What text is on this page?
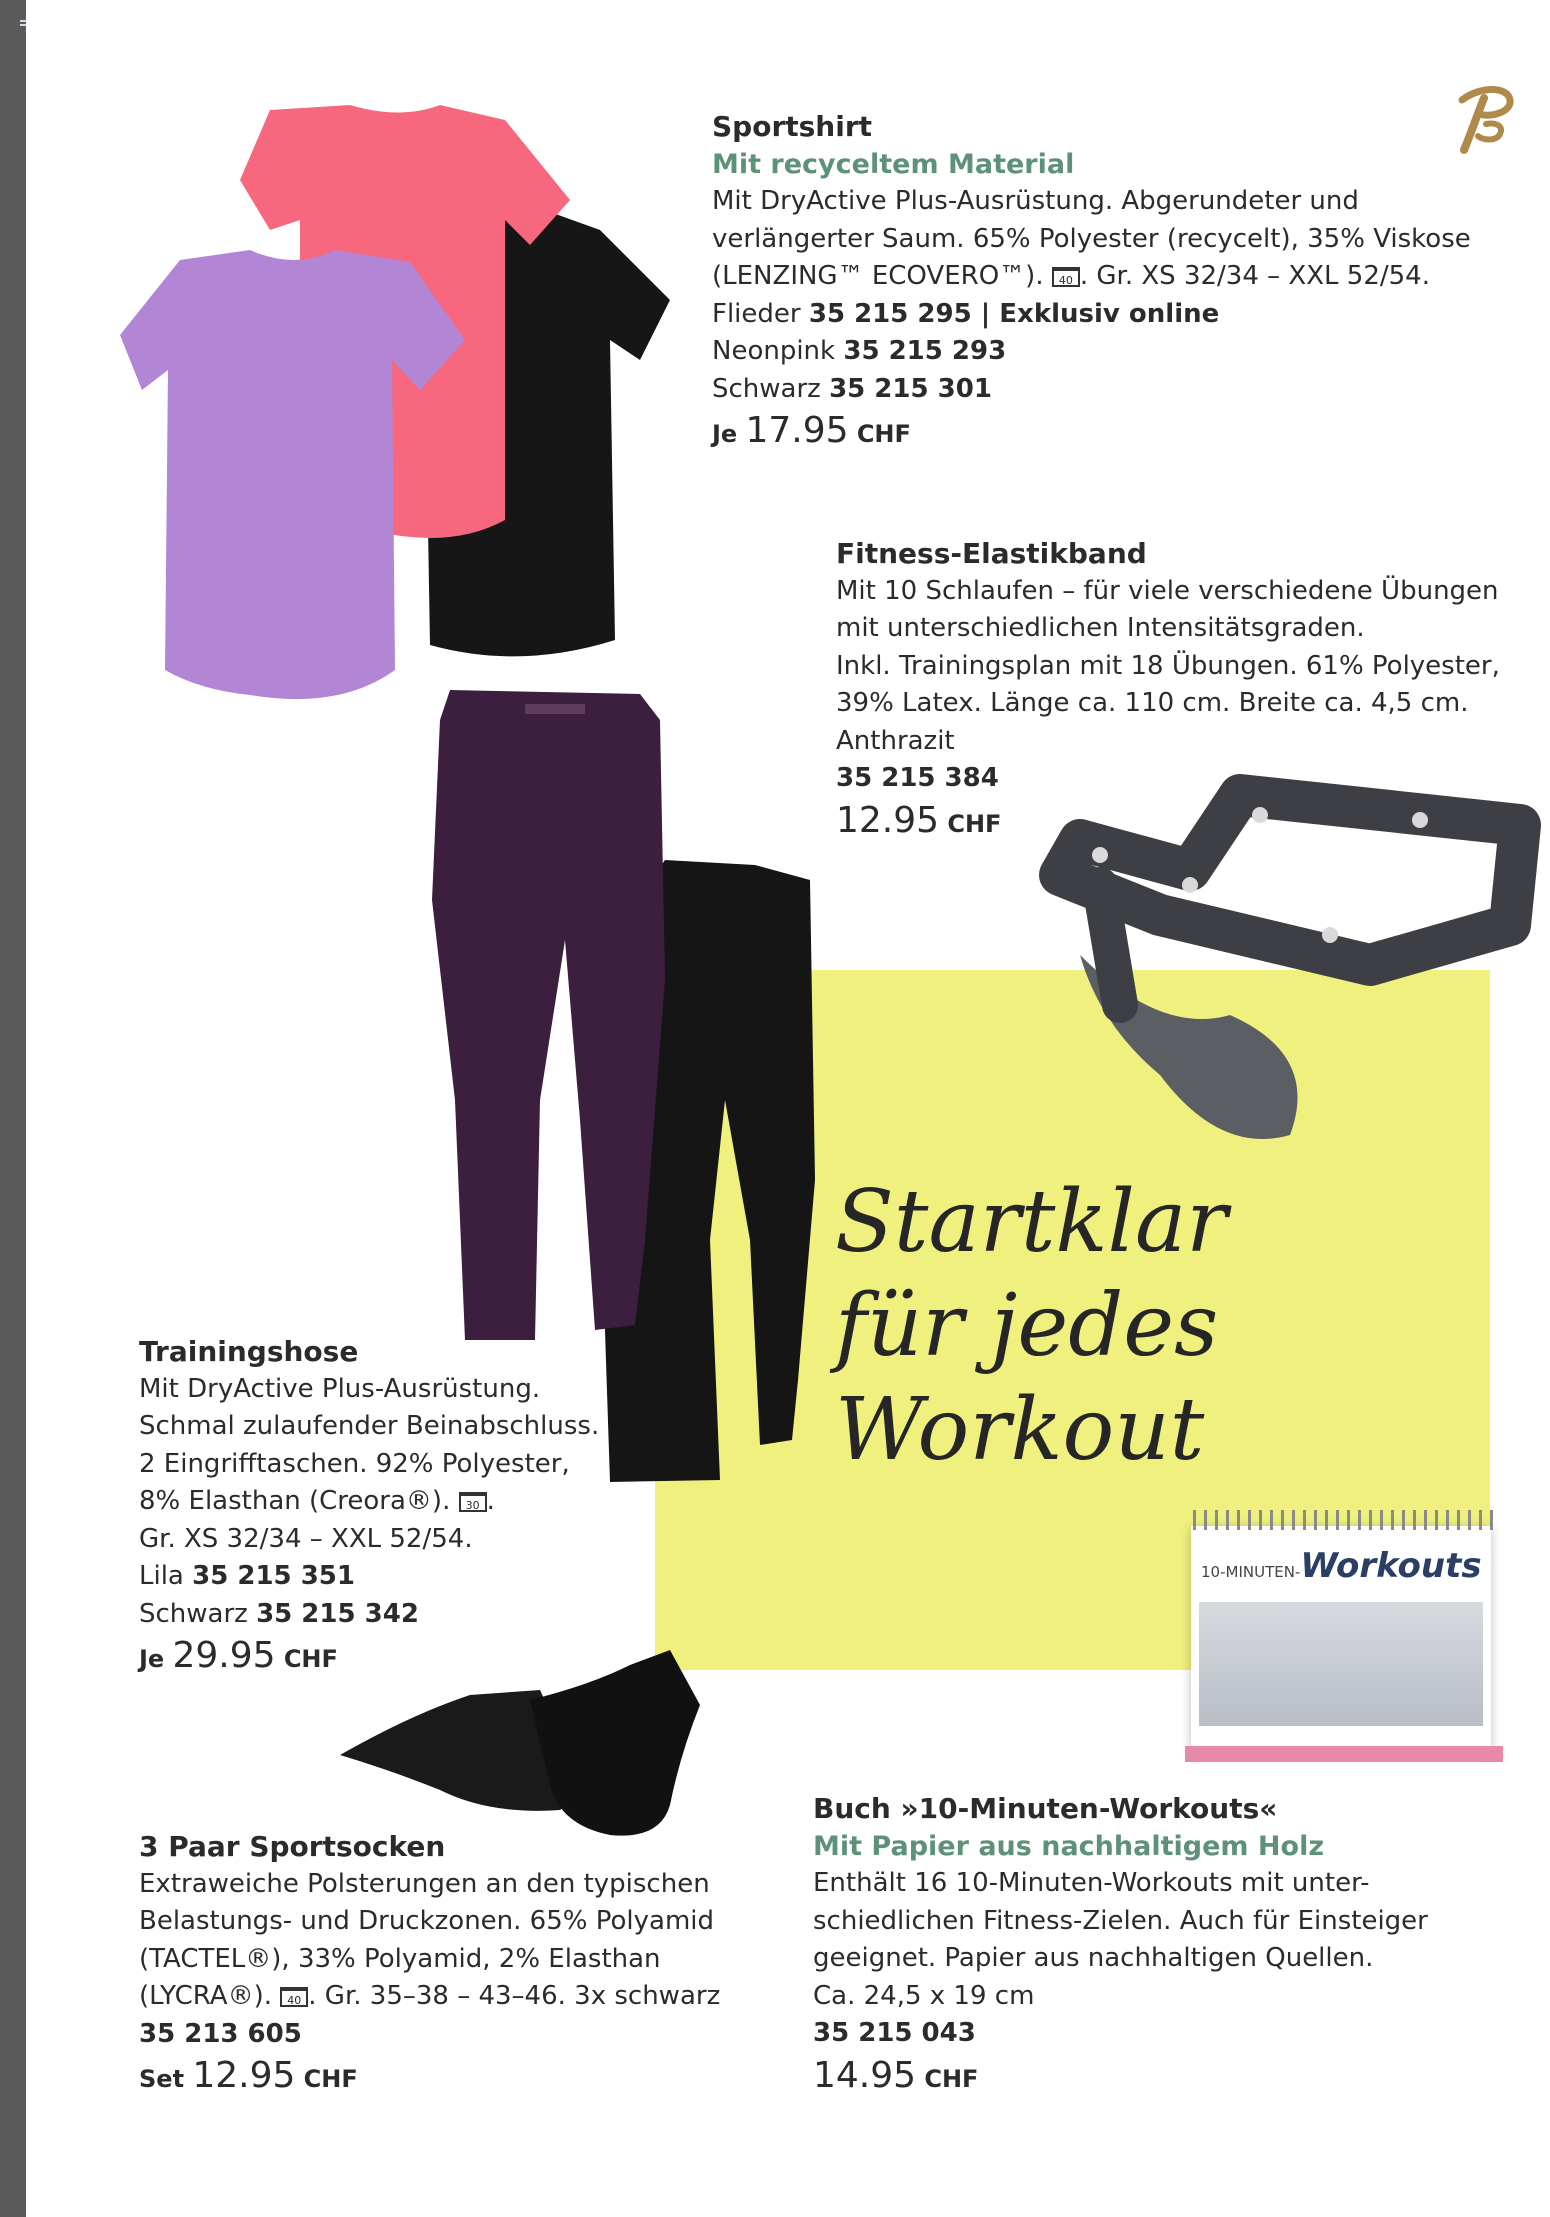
10-MINUTEN-Workouts
Startklar
für jedes
Workout
Sportshirt
Mit recyceltem Material
Mit DryActive Plus-Ausrüstung. Abgerundeter und
verlängerter Saum. 65% Polyester (recycelt), 35% Viskose
(LENZING™ ECOVERO™). 40 . Gr. XS 32/34 – XXL 52/54.
Flieder 35 215 295 | Exklusiv online
Neonpink 35 215 293
Schwarz 35 215 301
Je 17.95 CHF
Fitness-Elastikband
Mit 10 Schlaufen – für viele verschiedene Übungen
mit unterschiedlichen Intensitätsgraden.
Inkl. Trainingsplan mit 18 Übungen. 61% Polyester,
39% Latex. Länge ca. 110 cm. Breite ca. 4,5 cm.
Anthrazit
35 215 384
12.95 CHF
Trainingshose
Mit DryActive Plus-Ausrüstung.
Schmal zulaufender Beinabschluss.
2 Eingrifftaschen. 92% Polyester,
8% Elasthan (Creora®). 30 .
Gr. XS 32/34 – XXL 52/54.
Lila 35 215 351
Schwarz 35 215 342
Je 29.95 CHF
3 Paar Sportsocken
Extraweiche Polsterungen an den typischen
Belastungs- und Druckzonen. 65% Polyamid
(TACTEL®), 33% Polyamid, 2% Elasthan
(LYCRA®). 40 . Gr. 35–38 – 43–46. 3x schwarz
35 213 605
Set 12.95 CHF
Buch »10-Minuten-Workouts«
Mit Papier aus nachhaltigem Holz
Enthält 16 10-Minuten-Workouts mit unter-
schiedlichen Fitness-Zielen. Auch für Einsteiger
geeignet. Papier aus nachhaltigen Quellen.
Ca. 24,5 x 19 cm
35 215 043
14.95 CHF
